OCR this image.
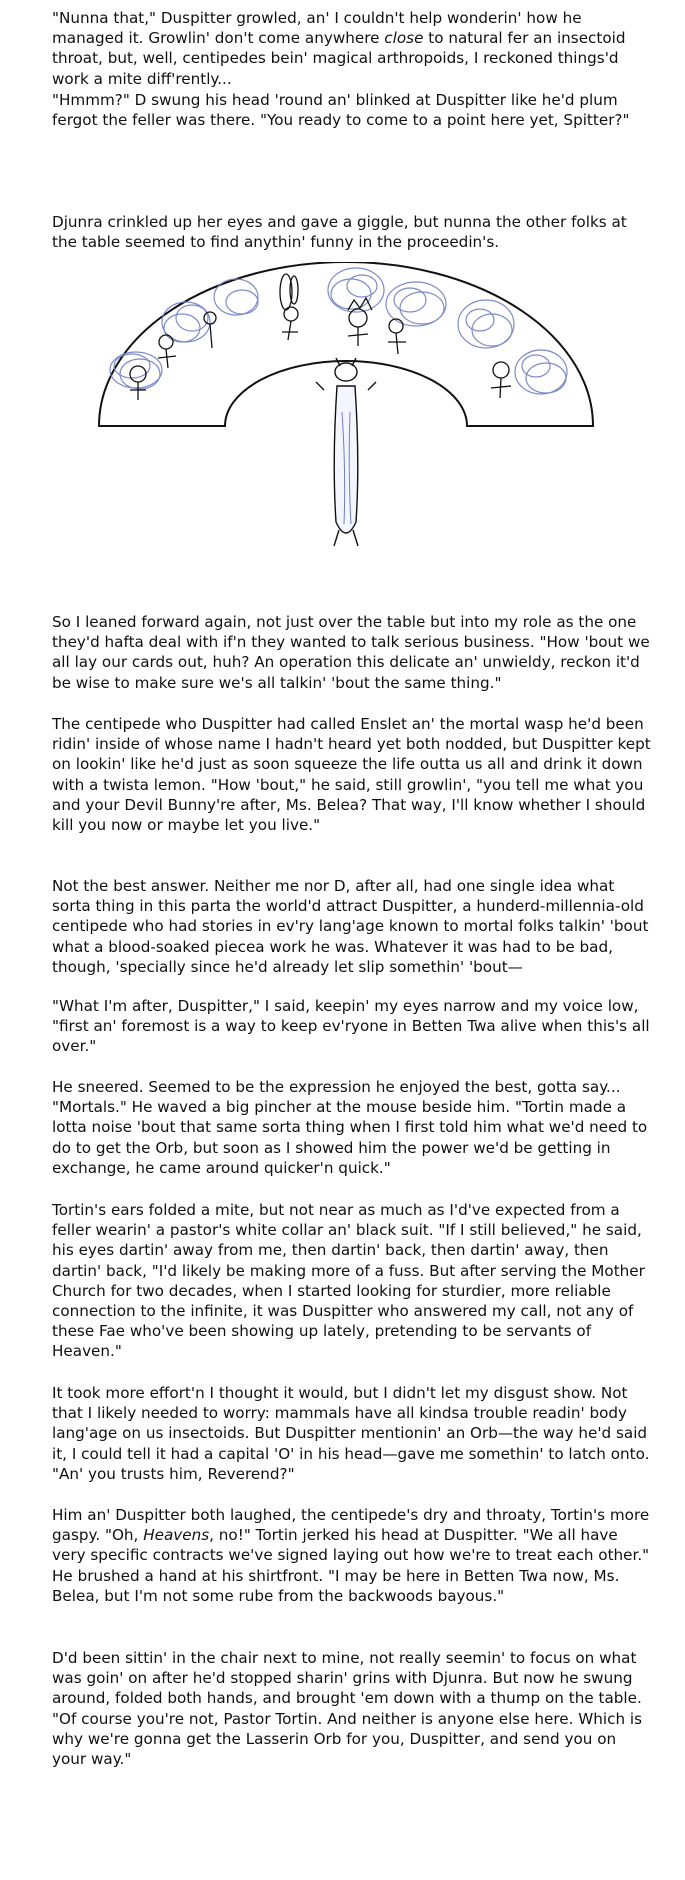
"Nunna that," Duspitter growled, an' I couldn't help wonderin' how he managed it. Growlin' don't come anywhere close to natural fer an insectoid throat, but, well, centipedes bein' magical arthropoids, I reckoned things'd work a mite diff'rently...

"Hmmm?" D swung his head 'round an' blinked at Duspitter like he'd plum fergot the feller was there. "You ready to come to a point here yet, Spitter?"

Djunra crinkled up her eyes and gave a giggle, but nunna the other folks at the table seemed to find anythin' funny in the proceedin's.

So I leaned forward again, not just over the table but into my role as the one they'd hafta deal with if'n they wanted to talk serious business. "How 'bout we all lay our cards out, huh? An operation this delicate an' unwieldy, reckon it'd be wise to make sure we's all talkin' 'bout the same thing."

The centipede who Duspitter had called Enslet an' the mortal wasp he'd been ridin' inside of whose name I hadn't heard yet both nodded, but Duspitter kept on lookin' like he'd just as soon squeeze the life outta us all and drink it down with a twista lemon. "How 'bout," he said, still growlin', "you tell me what you and your Devil Bunny're after, Ms. Belea? That way, I'll know whether I should kill you now or maybe let you live."

Not the best answer. Neither me nor D, after all, had one single idea what sorta thing in this parta the world'd attract Duspitter, a hunderd-millennia-old centipede who had stories in ev'ry lang'age known to mortal folks talkin' 'bout what a blood-soaked piecea work he was. Whatever it was had to be bad, though, 'specially since he'd already let slip somethin' 'bout—

"What I'm after, Duspitter," I said, keepin' my eyes narrow and my voice low, "first an' foremost is a way to keep ev'ryone in Betten Twa alive when this's all over."

He sneered. Seemed to be the expression he enjoyed the best, gotta say... "Mortals." He waved a big pincher at the mouse beside him. "Tortin made a lotta noise 'bout that same sorta thing when I first told him what we'd need to do to get the Orb, but soon as I showed him the power we'd be getting in exchange, he came around quicker'n quick."

Tortin's ears folded a mite, but not near as much as I'd've expected from a feller wearin' a pastor's white collar an' black suit. "If I still believed," he said, his eyes dartin' away from me, then dartin' back, then dartin' away, then dartin' back, "I'd likely be making more of a fuss. But after serving the Mother Church for two decades, when I started looking for sturdier, more reliable connection to the infinite, it was Duspitter who answered my call, not any of these Fae who've been showing up lately, pretending to be servants of Heaven."

It took more effort'n I thought it would, but I didn't let my disgust show. Not that I likely needed to worry: mammals have all kindsa trouble readin' body lang'age on us insectoids. But Duspitter mentionin' an Orb—the way he'd said it, I could tell it had a capital 'O' in his head—gave me somethin' to latch onto. "An' you trusts him, Reverend?"

Him an' Duspitter both laughed, the centipede's dry and throaty, Tortin's more gaspy. "Oh, Heavens, no!" Tortin jerked his head at Duspitter. "We all have very specific contracts we've signed laying out how we're to treat each other." He brushed a hand at his shirtfront. "I may be here in Betten Twa now, Ms. Belea, but I'm not some rube from the backwoods bayous."

D'd been sittin' in the chair next to mine, not really seemin' to focus on what was goin' on after he'd stopped sharin' grins with Djunra. But now he swung around, folded both hands, and brought 'em down with a thump on the table. "Of course you're not, Pastor Tortin. And neither is anyone else here. Which is why we're gonna get the Lasserin Orb for you, Duspitter, and send you on your way."
